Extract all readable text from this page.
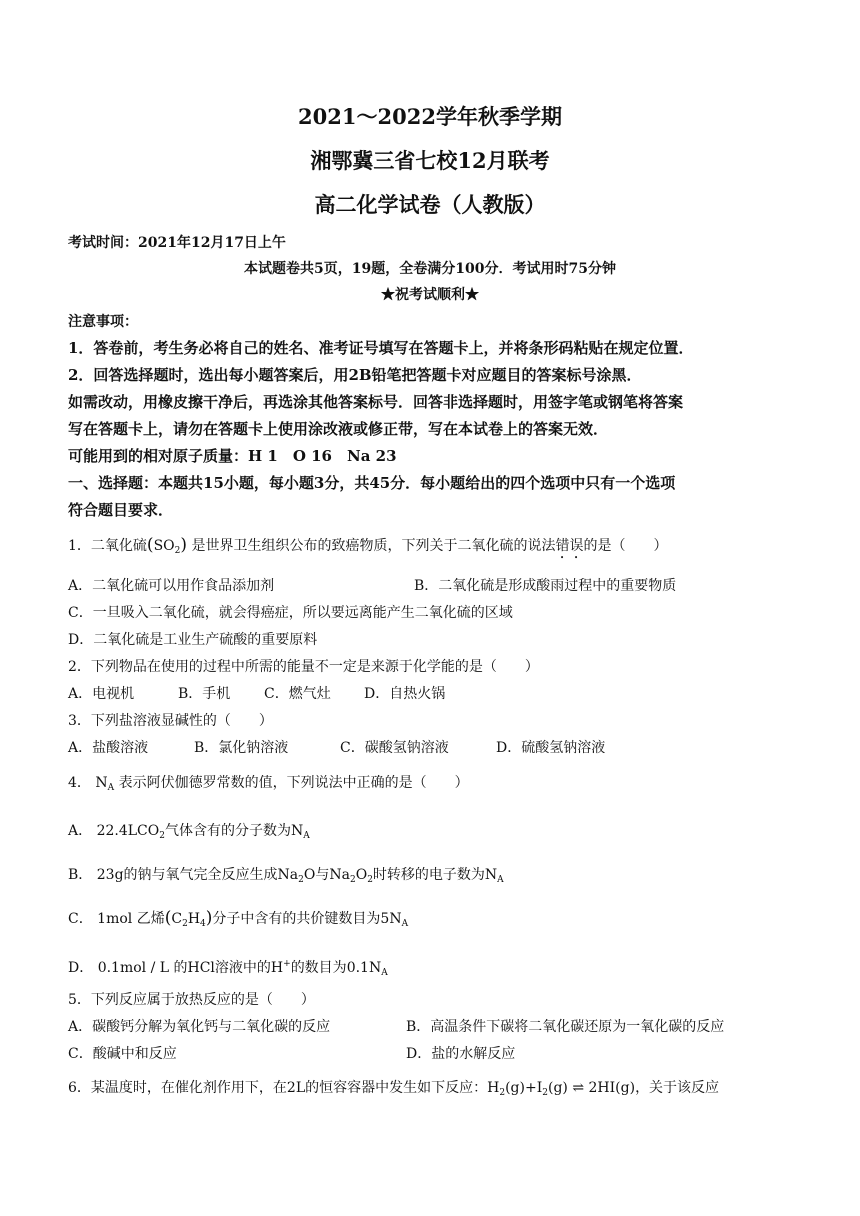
2021～2022学年秋季学期
湘鄂冀三省七校12月联考
高二化学试卷（人教版）
考试时间：2021年12月17日上午
本试题卷共5页，19题，全卷满分100分．考试用时75分钟
★祝考试顺利★
注意事项：
1．答卷前，考生务必将自己的姓名、准考证号填写在答题卡上，并将条形码粘贴在规定位置．
2．回答选择题时，选出每小题答案后，用2B铅笔把答题卡对应题目的答案标号涂黑．
如需改动，用橡皮擦干净后，再选涂其他答案标号．回答非选择题时，用签字笔或钢笔将答案
写在答题卡上，请勿在答题卡上使用涂改液或修正带，写在本试卷上的答案无效．
可能用到的相对原子质量：H 1　O 16　Na 23
一、选择题：本题共15小题，每小题3分，共45分．每小题给出的四个选项中只有一个选项
符合题目要求．
1．二氧化硫$(SO_2)$ 是世界卫生组织公布的致癌物质，下列关于二氧化硫的说法错误的是（　　）
A．二氧化硫可以用作食品添加剂	B．二氧化硫是形成酸雨过程中的重要物质
C．一旦吸入二氧化硫，就会得癌症，所以要远离能产生二氧化硫的区域
D．二氧化硫是工业生产硫酸的重要原料
2．下列物品在使用的过程中所需的能量不一定是来源于化学能的是（　　）
A．电视机	B．手机 C．燃气灶 D．自热火锅
3．下列盐溶液显碱性的（　　）
A．盐酸溶液	B．氯化钠溶液	C．碳酸氢钠溶液	D．硫酸氢钠溶液
4． $N_A$ 表示阿伏伽德罗常数的值，下列说法中正确的是（　　）
A． $22.4LCO_2$气体含有的分子数为$N_A$
B． 23g的钠与氧气完全反应生成$Na_2O$与$Na_2O_2$时转移的电子数为$N_A$
C． 1mol 乙烯$(C_2H_4)$分子中含有的共价键数目为$5N_A$
D． 0.1mol / L 的HCl溶液中的H+的数目为$0.1N_A$
5．下列反应属于放热反应的是（　　）
A．碳酸钙分解为氧化钙与二氧化碳的反应	B．高温条件下碳将二氧化碳还原为一氧化碳的反应
C．酸碱中和反应	D．盐的水解反应
6．某温度时，在催化剂作用下，在2L的恒容容器中发生如下反应：$H_2(g)+I_2(g)$ ⇌ 2HI(g)，关于该反应
